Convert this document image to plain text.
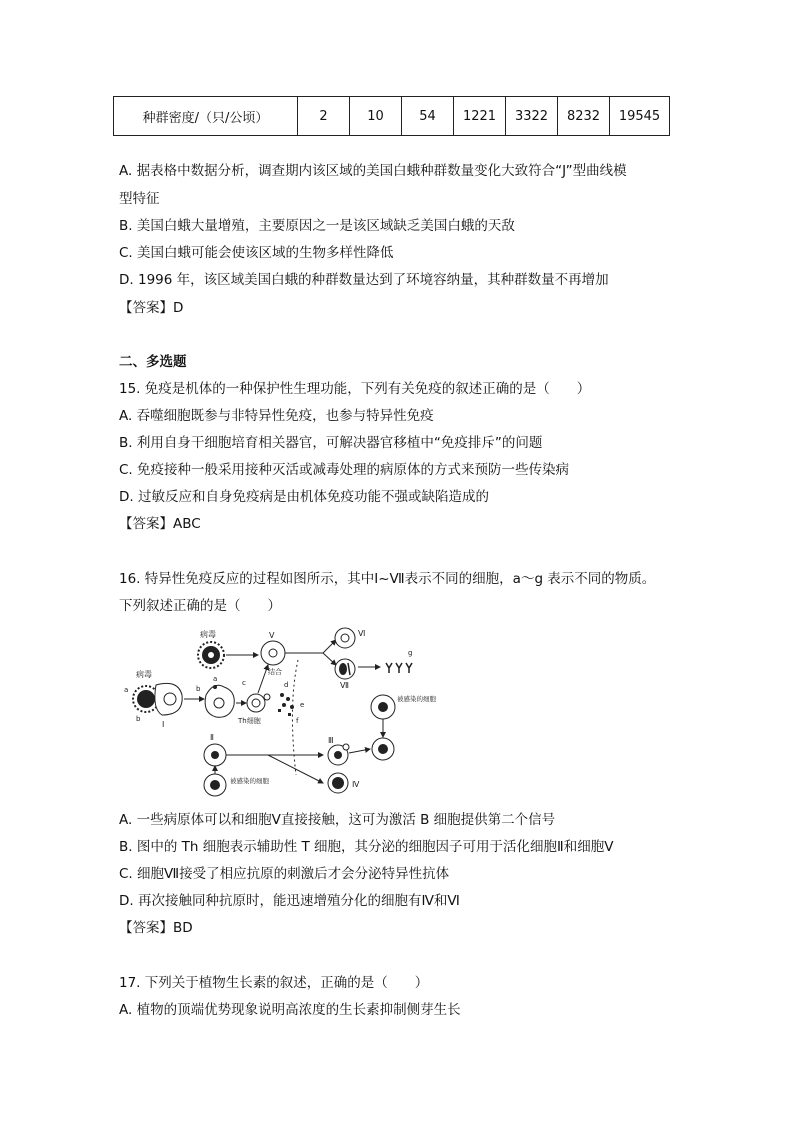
种群密度/（只/公顷）	2	10	54	1221	3322	8232	19545
A. 据表格中数据分析，调查期内该区域的美国白蛾种群数量变化大致符合“J”型曲线模
型特征
B. 美国白蛾大量增殖，主要原因之一是该区域缺乏美国白蛾的天敌
C. 美国白蛾可能会使该区域的生物多样性降低
D. 1996 年，该区域美国白蛾的种群数量达到了环境容纳量，其种群数量不再增加
【答案】D
二、多选题
15. 免疫是机体的一种保护性生理功能，下列有关免疫的叙述正确的是（　　）
A. 吞噬细胞既参与非特异性免疫，也参与特异性免疫
B. 利用自身干细胞培育相关器官，可解决器官移植中“免疫排斥”的问题
C. 免疫接种一般采用接种灭活或减毒处理的病原体的方式来预防一些传染病
D. 过敏反应和自身免疫病是由机体免疫功能不强或缺陷造成的
【答案】ABC
16. 特异性免疫反应的过程如图所示，其中Ⅰ~Ⅶ表示不同的细胞，a～g 表示不同的物质。
下列叙述正确的是（　　）
病毒	Ⅴ
结合
Ⅵ
Ⅶ
g
病毒
a
b
Ⅰ
b
a
Th细胞
c	d
e
f
被感染的细胞
Ⅱ
被感染的细胞
Ⅲ
Ⅳ
A. 一些病原体可以和细胞Ⅴ直接接触，这可为激活 B 细胞提供第二个信号
B. 图中的 Th 细胞表示辅助性 T 细胞，其分泌的细胞因子可用于活化细胞Ⅱ和细胞Ⅴ
C. 细胞Ⅶ接受了相应抗原的刺激后才会分泌特异性抗体
D. 再次接触同种抗原时，能迅速增殖分化的细胞有Ⅳ和Ⅵ
【答案】BD
17. 下列关于植物生长素的叙述，正确的是（　　）
A. 植物的顶端优势现象说明高浓度的生长素抑制侧芽生长
